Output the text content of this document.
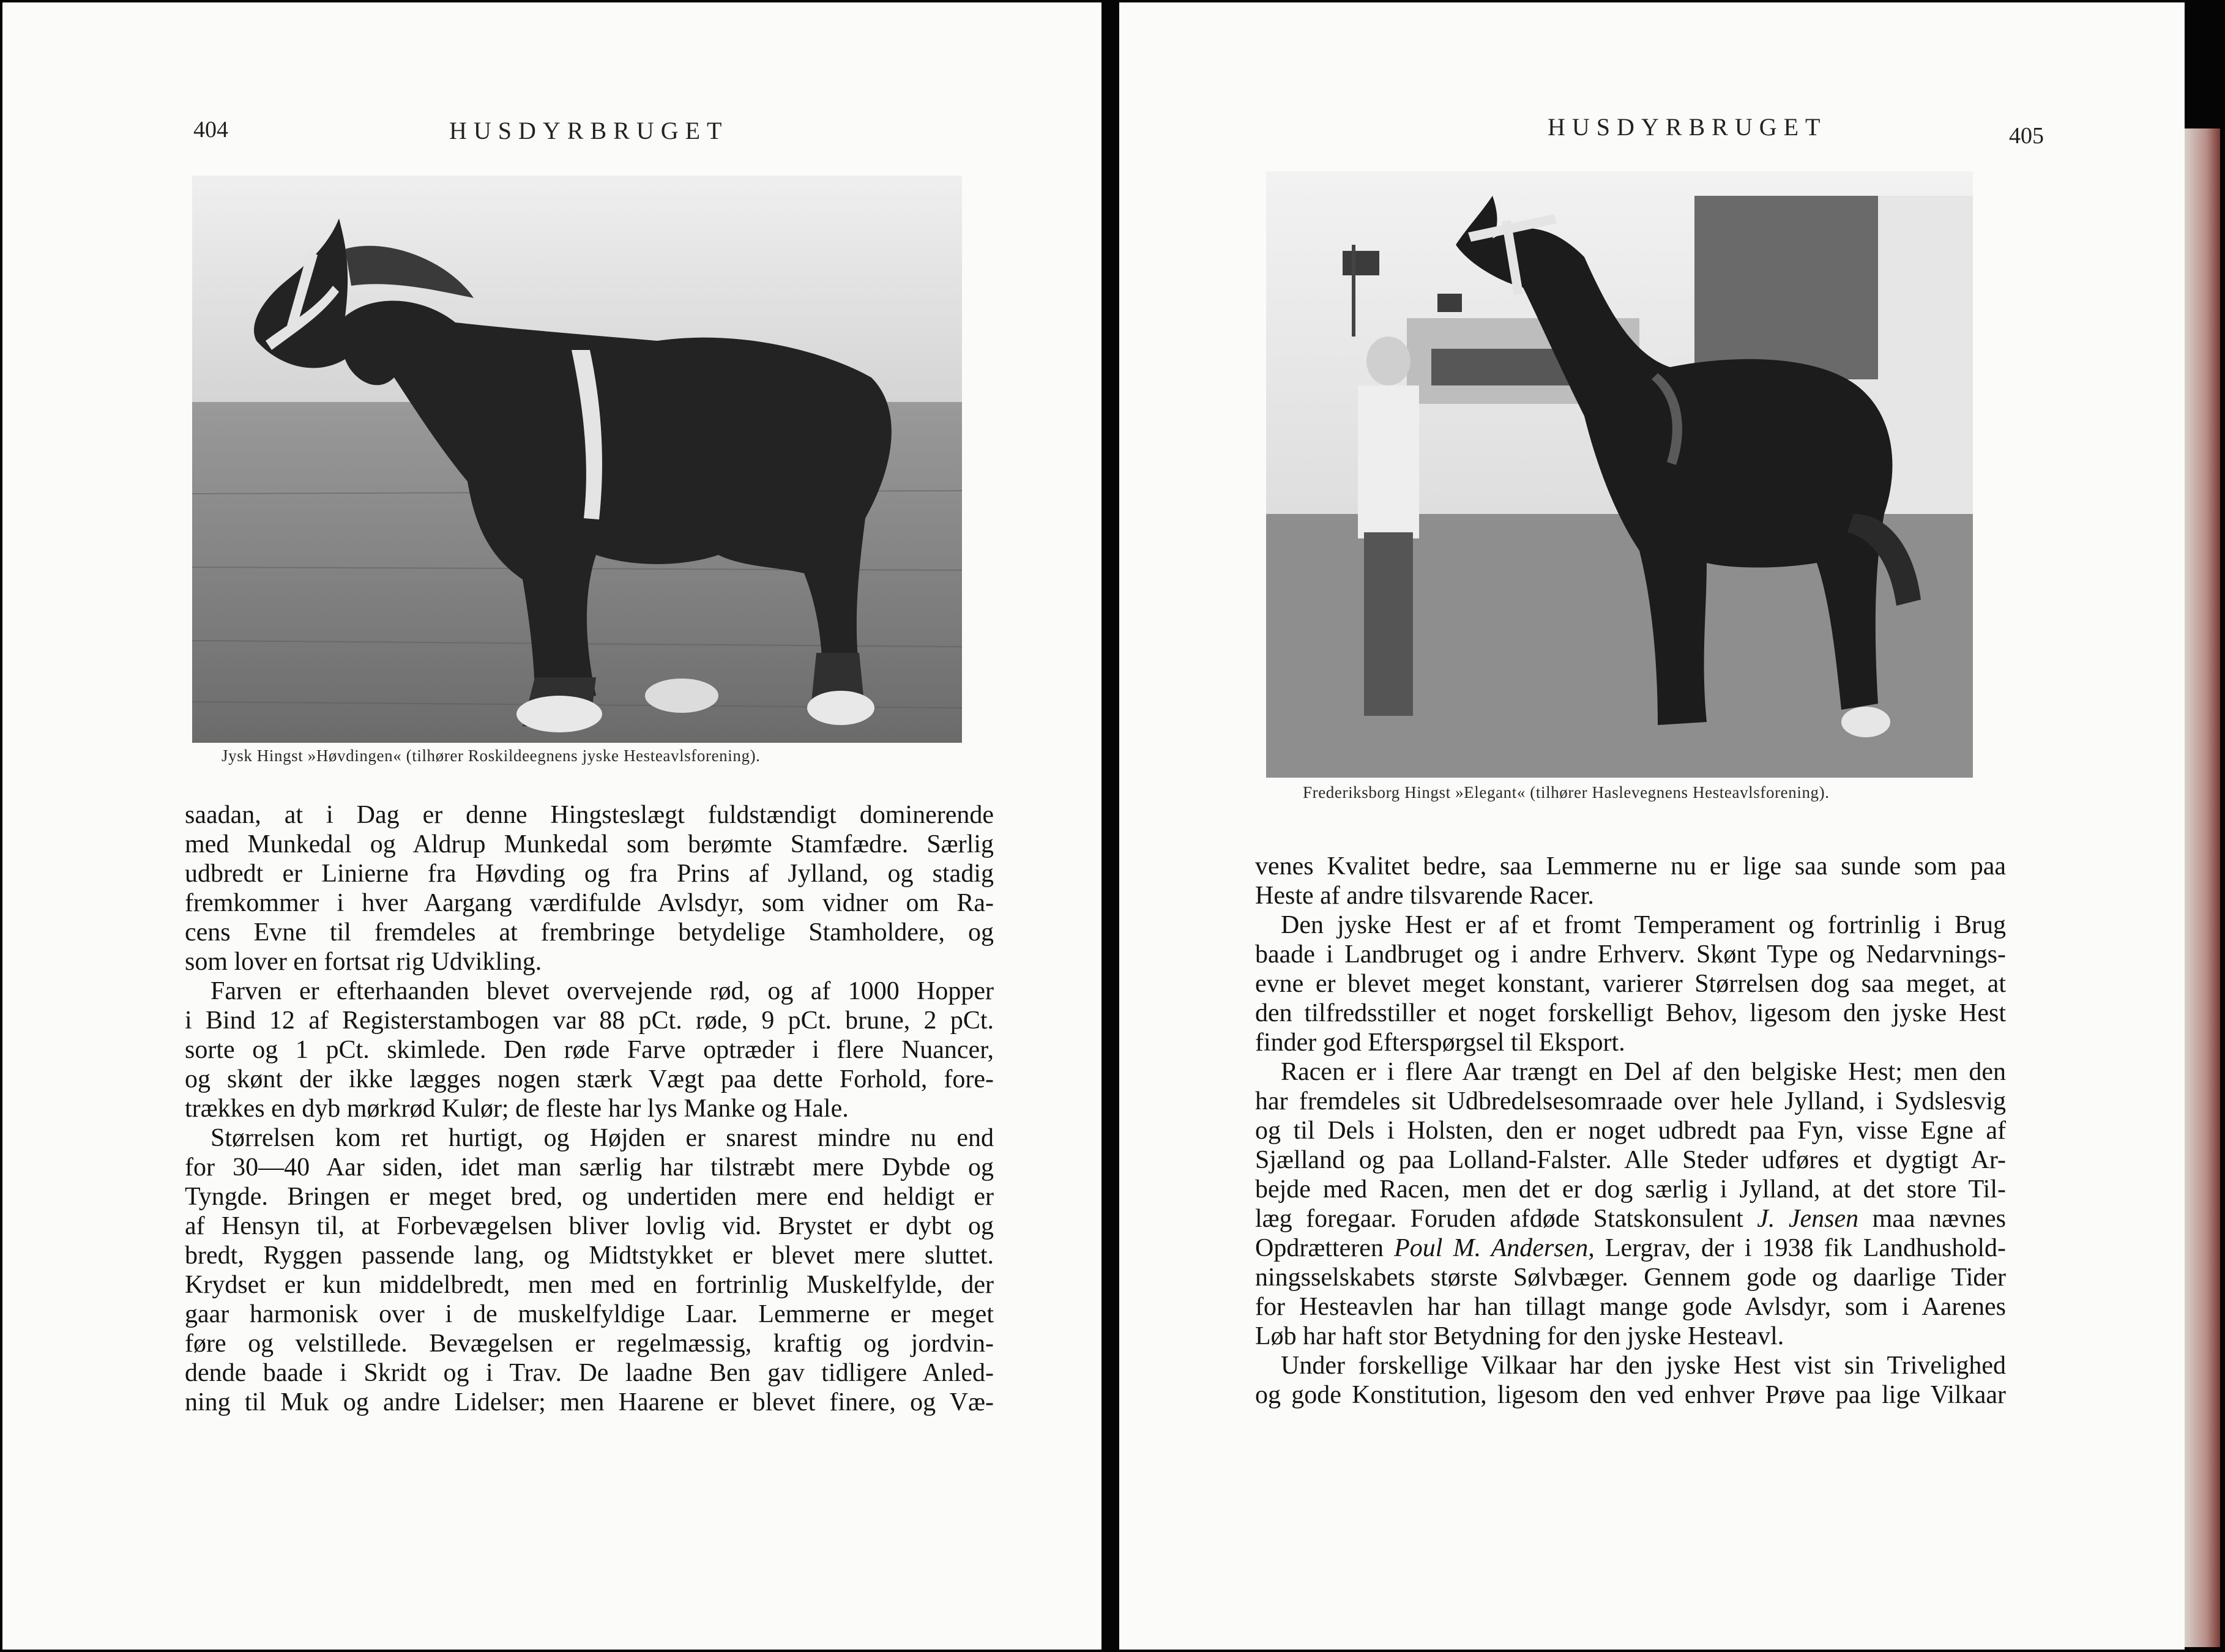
404	HUSDYRBRUGET
Jysk Hingst »Høvdingen« (tilhører Roskildeegnens jyske Hesteavlsforening).
saadan, at i Dag er denne Hingsteslægt fuldstændigt dominerende
med Munkedal og Aldrup Munkedal som berømte Stamfædre. Særlig
udbredt er Linierne fra Høvding og fra Prins af Jylland, og stadig
fremkommer i hver Aargang værdifulde Avlsdyr, som vidner om Ra-
cens Evne til fremdeles at frembringe betydelige Stamholdere, og
som lover en fortsat rig Udvikling.
Farven er efterhaanden blevet overvejende rød, og af 1000 Hopper
i Bind 12 af Registerstambogen var 88 pCt. røde, 9 pCt. brune, 2 pCt.
sorte og 1 pCt. skimlede. Den røde Farve optræder i flere Nuancer,
og skønt der ikke lægges nogen stærk Vægt paa dette Forhold, fore-
trækkes en dyb mørkrød Kulør; de fleste har lys Manke og Hale.
Størrelsen kom ret hurtigt, og Højden er snarest mindre nu end
for 30—40 Aar siden, idet man særlig har tilstræbt mere Dybde og
Tyngde. Bringen er meget bred, og undertiden mere end heldigt er
af Hensyn til, at Forbevægelsen bliver lovlig vid. Brystet er dybt og
bredt, Ryggen passende lang, og Midtstykket er blevet mere sluttet.
Krydset er kun middelbredt, men med en fortrinlig Muskelfylde, der
gaar harmonisk over i de muskelfyldige Laar. Lemmerne er meget
føre og velstillede. Bevægelsen er regelmæssig, kraftig og jordvin-
dende baade i Skridt og i Trav. De laadne Ben gav tidligere Anled-
ning til Muk og andre Lidelser; men Haarene er blevet finere, og Væ-
HUSDYRBRUGET	405
Frederiksborg Hingst »Elegant« (tilhører Haslevegnens Hesteavlsforening).
venes Kvalitet bedre, saa Lemmerne nu er lige saa sunde som paa
Heste af andre tilsvarende Racer.
Den jyske Hest er af et fromt Temperament og fortrinlig i Brug
baade i Landbruget og i andre Erhverv. Skønt Type og Nedarvnings-
evne er blevet meget konstant, varierer Størrelsen dog saa meget, at
den tilfredsstiller et noget forskelligt Behov, ligesom den jyske Hest
finder god Efterspørgsel til Eksport.
Racen er i flere Aar trængt en Del af den belgiske Hest; men den
har fremdeles sit Udbredelsesomraade over hele Jylland, i Sydslesvig
og til Dels i Holsten, den er noget udbredt paa Fyn, visse Egne af
Sjælland og paa Lolland-Falster. Alle Steder udføres et dygtigt Ar-
bejde med Racen, men det er dog særlig i Jylland, at det store Til-
læg foregaar. Foruden afdøde Statskonsulent J. Jensen maa nævnes
Opdrætteren Poul M. Andersen, Lergrav, der i 1938 fik Landhushold-
ningsselskabets største Sølvbæger. Gennem gode og daarlige Tider
for Hesteavlen har han tillagt mange gode Avlsdyr, som i Aarenes
Løb har haft stor Betydning for den jyske Hesteavl.
Under forskellige Vilkaar har den jyske Hest vist sin Trivelighed
og gode Konstitution, ligesom den ved enhver Prøve paa lige Vilkaar
